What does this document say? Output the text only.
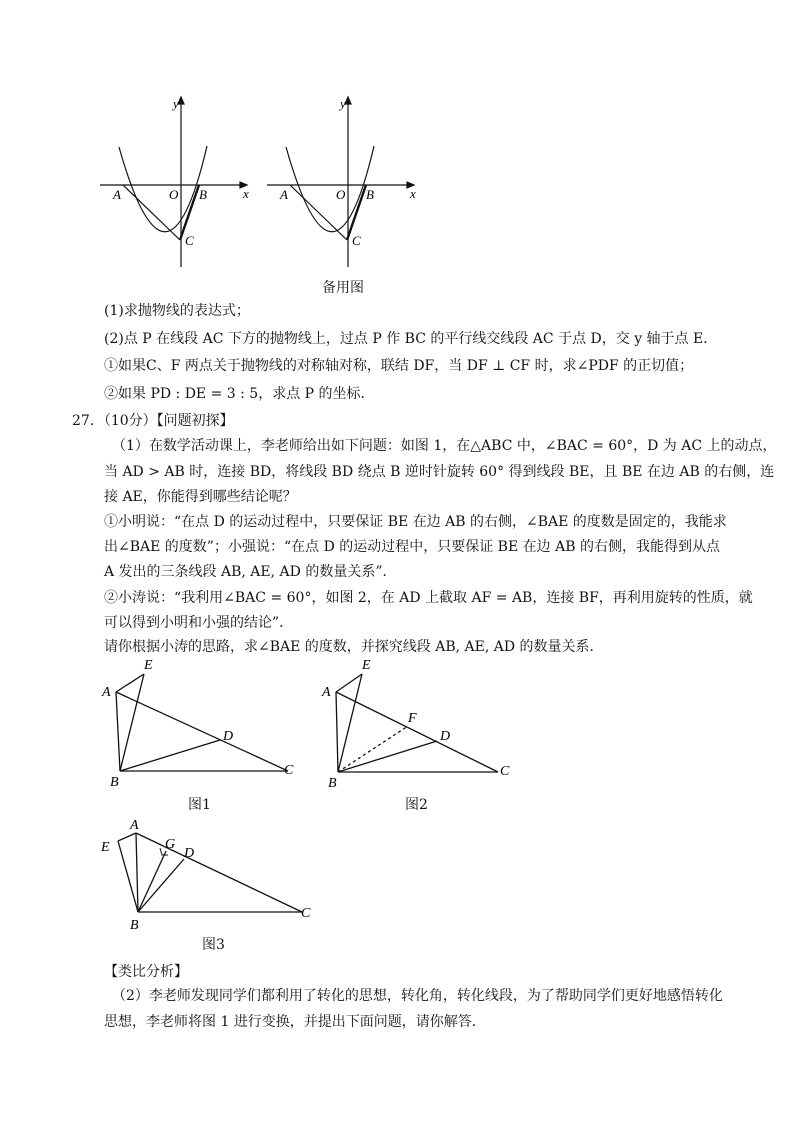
y
x
A	O B
C
y
x
A	O B
C
备用图
(1)求抛物线的表达式；
(2)点 P 在线段 AC 下方的抛物线上，过点 P 作 BC 的平行线交线段 AC 于点 D，交 y 轴于点 E．
①如果C、F 两点关于抛物线的对称轴对称，联结 DF，当 DF ⊥ CF 时，求∠PDF 的正切值；
②如果 PD : DE = 3 : 5，求点 P 的坐标．
27．（10分）【问题初探】
（1）在数学活动课上，李老师给出如下问题：如图 1，在△ABC 中，∠BAC = 60°，D 为 AC 上的动点，
当 AD > AB 时，连接 BD，将线段 BD 绕点 B 逆时针旋转 60° 得到线段 BE，且 BE 在边 AB 的右侧，连
接 AE，你能得到哪些结论呢？
①小明说：“在点 D 的运动过程中，只要保证 BE 在边 AB 的右侧，∠BAE 的度数是固定的，我能求
出∠BAE 的度数”；小强说：“在点 D 的运动过程中，只要保证 BE 在边 AB 的右侧，我能得到从点
A 发出的三条线段 AB, AE, AD 的数量关系”．
②小涛说：“我利用∠BAC = 60°，如图 2，在 AD 上截取 AF = AB，连接 BF，再利用旋转的性质，就
可以得到小明和小强的结论”．
请你根据小涛的思路，求∠BAE 的度数，并探究线段 AB, AE, AD 的数量关系．
E
A
D
B
C
图1
E
A
F
D
B
C
图2
A
E	G
D
B
C
图3
【类比分析】
（2）李老师发现同学们都利用了转化的思想，转化角，转化线段，为了帮助同学们更好地感悟转化
思想，李老师将图 1 进行变换，并提出下面问题，请你解答．
